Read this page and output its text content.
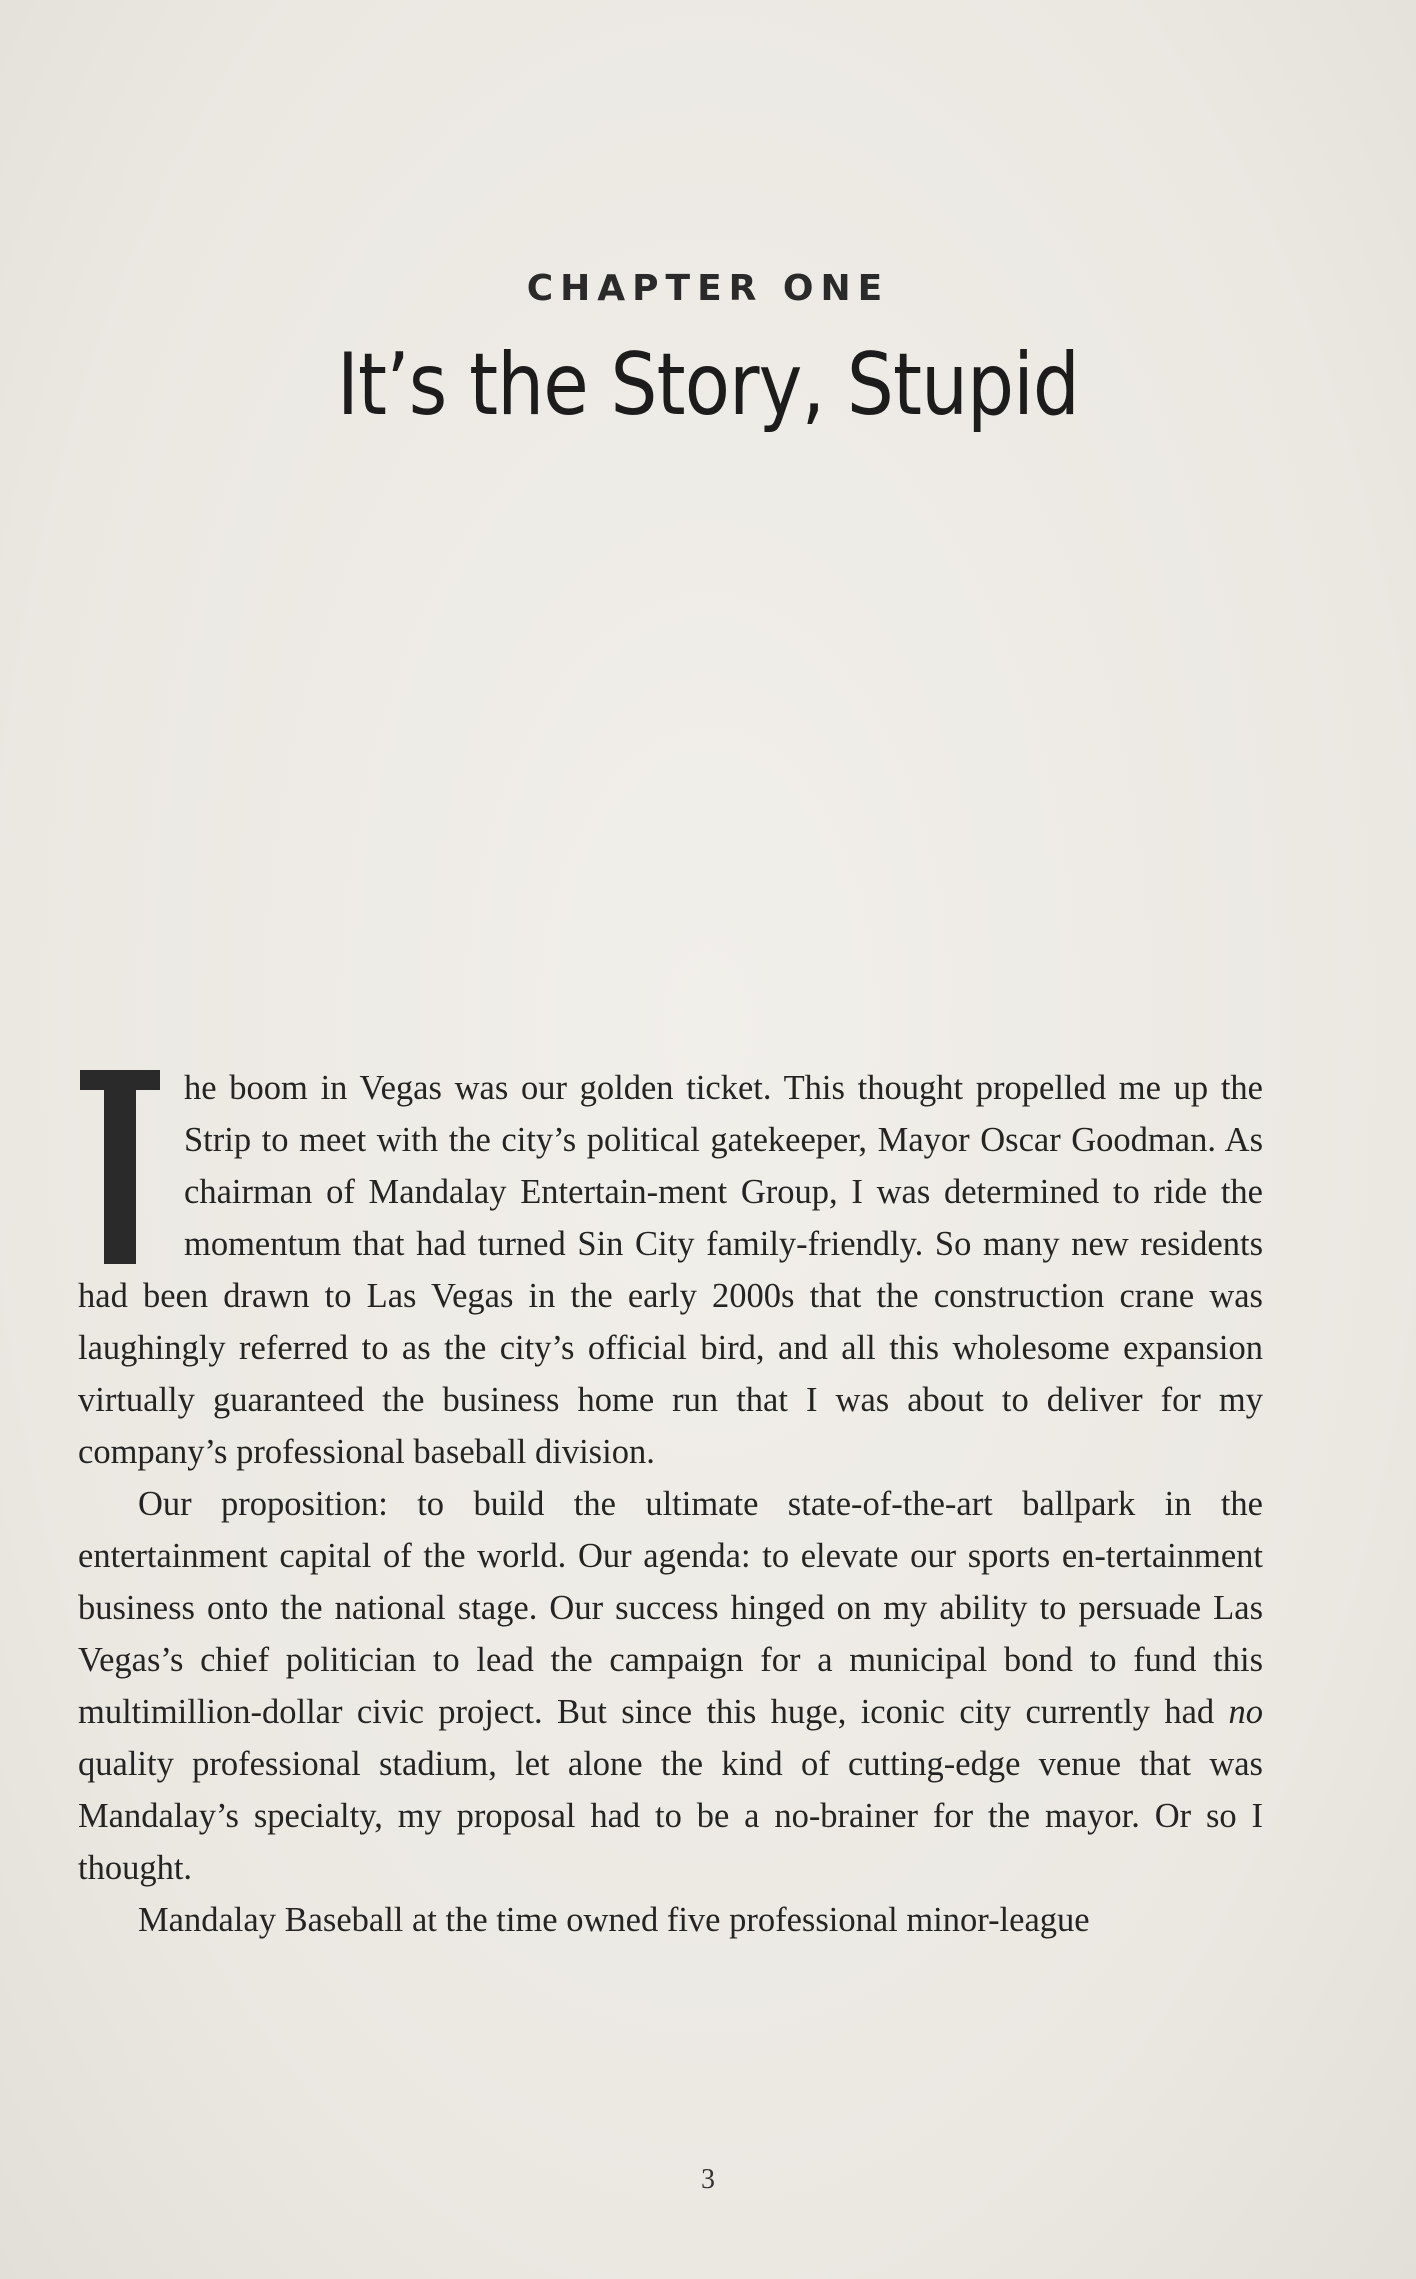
CHAPTER ONE
It’s the Story, Stupid

he boom in Vegas was our golden ticket. This thought propelled me up the Strip to meet with the city’s political gatekeeper, Mayor Oscar Goodman. As chairman of Mandalay Entertain-ment Group, I was determined to ride the momentum that had turned Sin City family-friendly. So many new residents had been drawn to Las Vegas in the early 2000s that the construction crane was laughingly referred to as the city’s official bird, and all this wholesome expansion virtually guaranteed the business home run that I was about to deliver for my company’s professional baseball division.

Our proposition: to build the ultimate state-of-the-art ballpark in the entertainment capital of the world. Our agenda: to elevate our sports en-tertainment business onto the national stage. Our success hinged on my ability to persuade Las Vegas’s chief politician to lead the campaign for a municipal bond to fund this multimillion-dollar civic project. But since this huge, iconic city currently had no quality professional stadium, let alone the kind of cutting-edge venue that was Mandalay’s specialty, my proposal had to be a no-brainer for the mayor. Or so I thought.

Mandalay Baseball at the time owned five professional minor-league

3
